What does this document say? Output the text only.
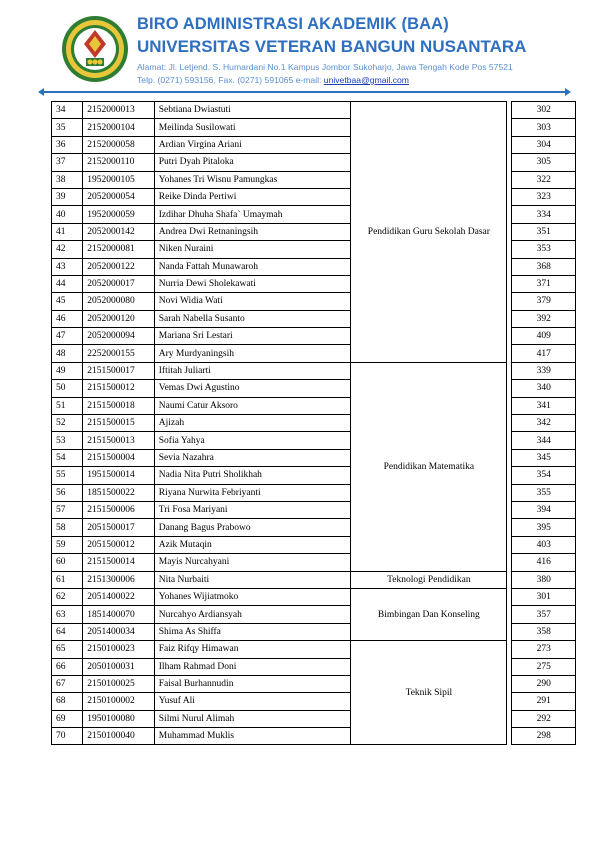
BIRO ADMINISTRASI AKADEMIK (BAA)
UNIVERSITAS VETERAN BANGUN NUSANTARA
Alamat: Jl. Letjend. S. Humardani No.1 Kampus Jombor Sukoharjo, Jawa Tengah Kode Pos 57521
Telp. (0271) 593156, Fax. (0271) 591065 e-mail: univetbaa@gmail.com
34	2152000013	Sebtiana Dwiastuti	Pendidikan Guru Sekolah Dasar		302
35	2152000104	Meilinda Susilowati			303
36	2152000058	Ardian Virgina Ariani			304
37	2152000110	Putri Dyah Pitaloka			305
38	1952000105	Yohanes Tri Wisnu Pamungkas			322
39	2052000054	Reike Dinda Pertiwi			323
40	1952000059	Izdihar Dhuha Shafa` Umaymah			334
41	2052000142	Andrea Dwi Retnaningsih			351
42	2152000081	Niken Nuraini			353
43	2052000122	Nanda Fattah Munawaroh			368
44	2052000017	Nurria Dewi Sholekawati			371
45	2052000080	Novi Widia Wati			379
46	2052000120	Sarah Nabella Susanto			392
47	2052000094	Mariana Sri Lestari			409
48	2252000155	Ary Murdyaningsih			417
49	2151500017	Iftitah Juliarti	Pendidikan Matematika		339
50	2151500012	Vemas Dwi Agustino			340
51	2151500018	Naumi Catur Aksoro			341
52	2151500015	Ajizah			342
53	2151500013	Sofia Yahya			344
54	2151500004	Sevia Nazahra			345
55	1951500014	Nadia Nita Putri Sholikhah			354
56	1851500022	Riyana Nurwita Febriyanti			355
57	2151500006	Tri Fosa Mariyani			394
58	2051500017	Danang Bagus Prabowo			395
59	2051500012	Azik Mutaqin			403
60	2151500014	Mayis Nurcahyani			416
61	2151300006	Nita Nurbaiti	Teknologi Pendidikan		380
62	2051400022	Yohanes Wijiatmoko	Bimbingan Dan Konseling		301
63	1851400070	Nurcahyo Ardiansyah			357
64	2051400034	Shima As Shiffa			358
65	2150100023	Faiz Rifqy Himawan	Teknik Sipil		273
66	2050100031	Ilham Rahmad Doni			275
67	2150100025	Faisal Burhannudin			290
68	2150100002	Yusuf Ali			291
69	1950100080	Silmi Nurul Alimah			292
70	2150100040	Muhammad Muklis			298
